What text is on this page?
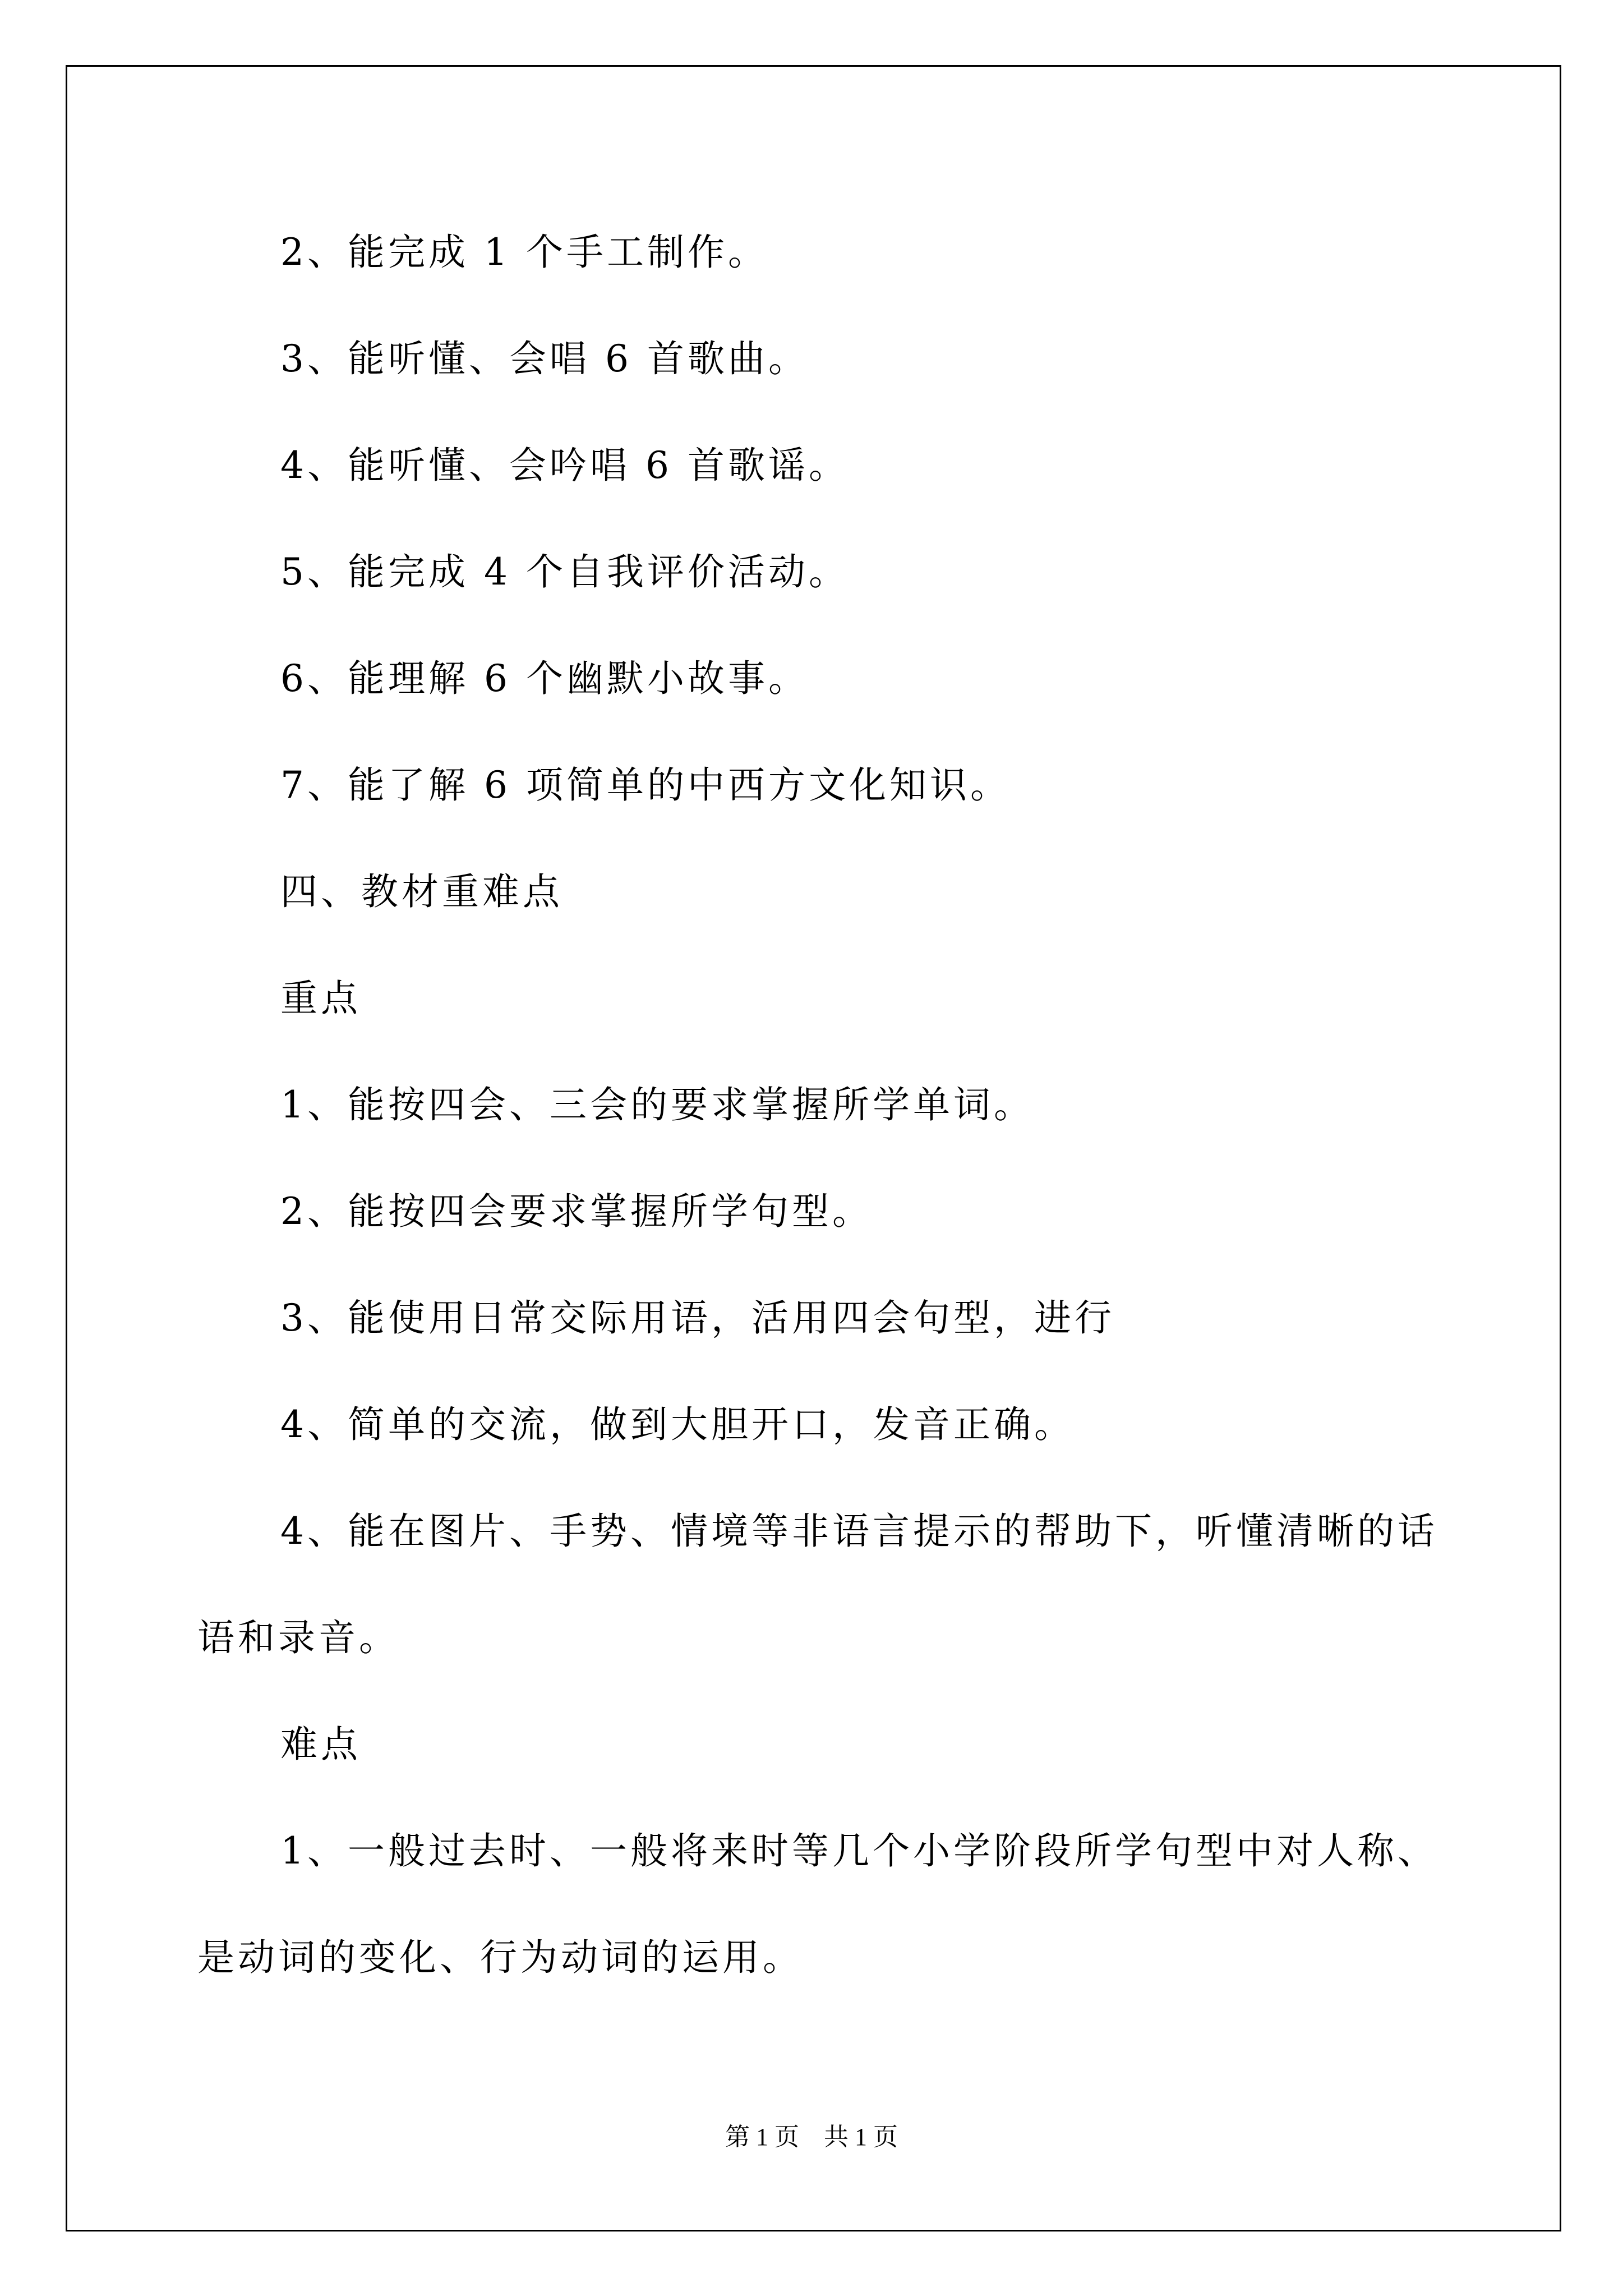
2、能完成 1 个手工制作。
3、能听懂、会唱 6 首歌曲。
4、能听懂、会吟唱 6 首歌谣。
5、能完成 4 个自我评价活动。
6、能理解 6 个幽默小故事。
7、能了解 6 项简单的中西方文化知识。
四、教材重难点
重点
1、能按四会、三会的要求掌握所学单词。
2、能按四会要求掌握所学句型。
3、能使用日常交际用语，活用四会句型，进行
4、简单的交流，做到大胆开口，发音正确。
4、能在图片、手势、情境等非语言提示的帮助下，听懂清晰的话
语和录音。
难点
1、一般过去时、一般将来时等几个小学阶段所学句型中对人称、
是动词的变化、行为动词的运用。
第 1 页　共 1 页
